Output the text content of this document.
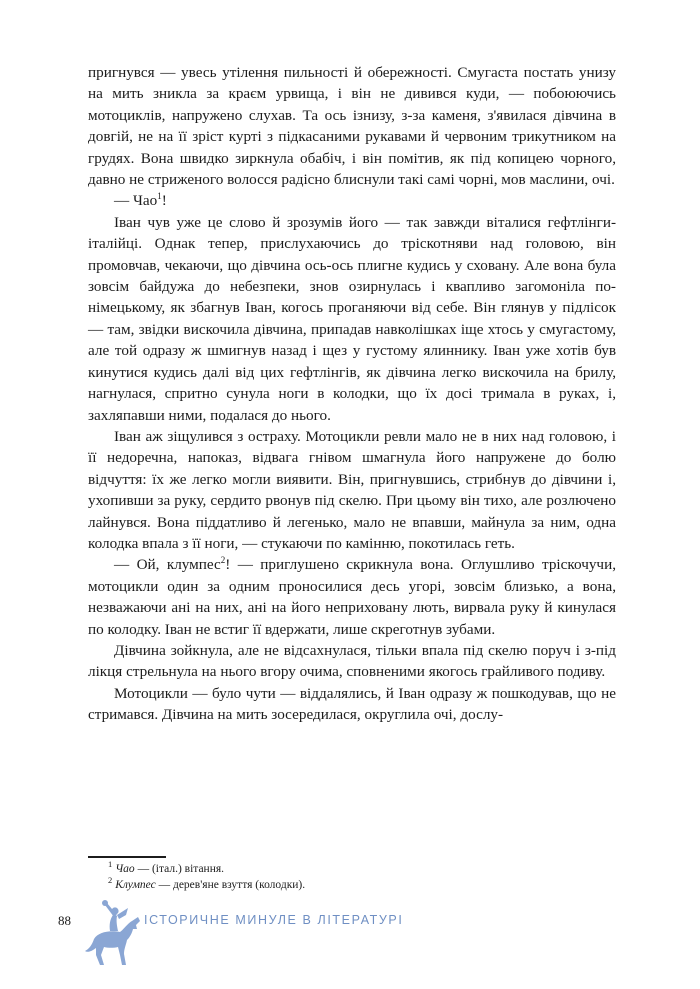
пригнувся — увесь утілення пильності й обережності. Смугаста постать унизу на мить зникла за краєм урвища, і він не дивився куди, — побоюючись мотоциклів, напружено слухав. Та ось ізнизу, з-за каменя, з'явилася дівчина в довгій, не на її зріст курті з підкасаними рукавами й червоним трикутником на грудях. Вона швидко зиркнула обабіч, і він помітив, як під копицею чорного, давно не стриженого волосся радісно блиснули такі самі чорні, мов маслини, очі.

— Чао$^1$!

Іван чув уже це слово й зрозумів його — так завжди віталися гефтлінги-італійці. Однак тепер, прислухаючись до тріскотняви над головою, він промовчав, чекаючи, що дівчина ось-ось плигне кудись у сховану. Але вона була зовсім байдужа до небезпеки, знов озирнулась і квапливо загомоніла по-німецькому, як збагнув Іван, когось проганяючи від себе. Він глянув у підлісок — там, звідки вискочила дівчина, припадав навколішках іще хтось у смугастому, але той одразу ж шмигнув назад і щез у густому ялиннику. Іван уже хотів був кинутися кудись далі від цих гефтлінгів, як дівчина легко вискочила на брилу, нагнулася, спритно сунула ноги в колодки, що їх досі тримала в руках, і, захляпавши ними, подалася до нього.

Іван аж зіщулився з остраху. Мотоцикли ревли мало не в них над головою, і її недоречна, напоказ, відвага гнівом шмагнула його напружене до болю відчуття: їх же легко могли виявити. Він, пригнувшись, стрибнув до дівчини і, ухопивши за руку, сердито рвонув під скелю. При цьому він тихо, але розлючено лайнувся. Вона піддатливо й легенько, мало не впавши, майнула за ним, одна колодка впала з її ноги, — стукаючи по камінню, покотилась геть.

— Ой, клумпес$^2$! — приглушено скрикнула вона. Оглушливо тріскочучи, мотоцикли один за одним проносилися десь угорі, зовсім близько, а вона, незважаючи ані на них, ані на його неприховану лють, вирвала руку й кинулася по колодку. Іван не встиг її вдержати, лише скреготнув зубами.

Дівчина зойкнула, але не відсахнулася, тільки впала під скелю поруч і з-під лікця стрельнула на нього вгору очима, сповненими якогось грайливого подиву.

Мотоцикли — було чути — віддалялись, й Іван одразу ж пошкодував, що не стримався. Дівчина на мить зосередилася, округлила очі, дослу-

$^1$ Чао — (італ.) вітання.
$^2$ Клумпес — дерев'яне взуття (колодки).
88	ІСТОРИЧНЕ МИНУЛЕ В ЛІТЕРАТУРІ
